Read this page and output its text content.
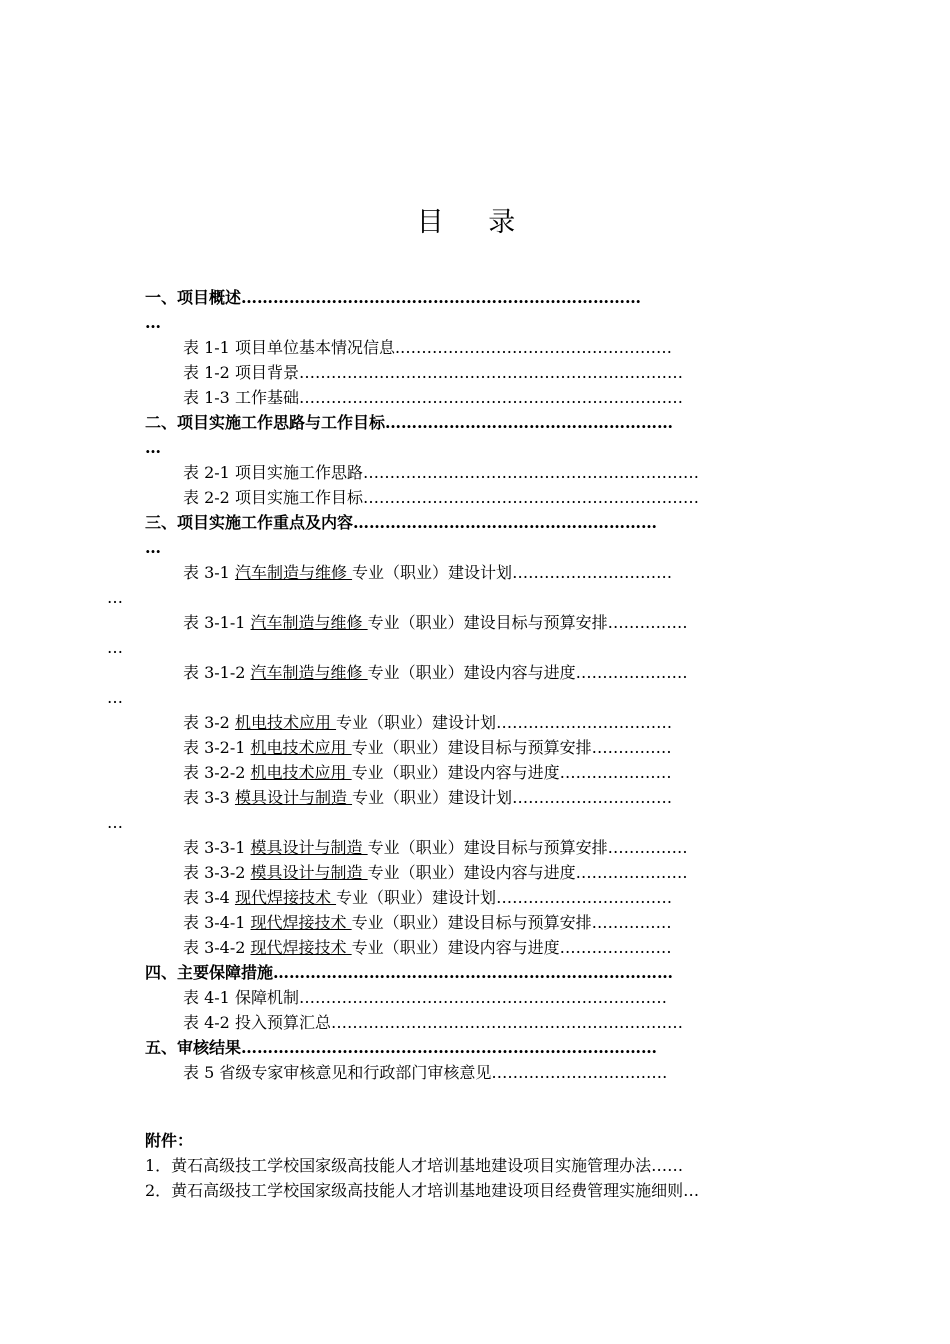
目 录
一、项目概述…………………………………………………………………
…
表 1-1 项目单位基本情况信息.……………………………………………
表 1-2 项目背景………………………………………………………………
表 1-3 工作基础………………………………………………………………
二、项目实施工作思路与工作目标………………………………………………
…
表 2-1 项目实施工作思路………………………………………………………
表 2-2 项目实施工作目标………………………………………………………
三、项目实施工作重点及内容…………………………………………………
…
表 3-1 汽车制造与维修 专业（职业）建设计划…………………………
…
表 3-1-1 汽车制造与维修 专业（职业）建设目标与预算安排……………
…
表 3-1-2 汽车制造与维修 专业（职业）建设内容与进度…………………
…
表 3-2 机电技术应用 专业（职业）建设计划……………………………
表 3-2-1 机电技术应用 专业（职业）建设目标与预算安排……………
表 3-2-2 机电技术应用 专业（职业）建设内容与进度…………………
表 3-3 模具设计与制造 专业（职业）建设计划…………………………
…
表 3-3-1 模具设计与制造 专业（职业）建设目标与预算安排……………
表 3-3-2 模具设计与制造 专业（职业）建设内容与进度…………………
表 3-4 现代焊接技术 专业（职业）建设计划……………………………
表 3-4-1 现代焊接技术 专业（职业）建设目标与预算安排……………
表 3-4-2 现代焊接技术 专业（职业）建设内容与进度…………………
四、主要保障措施…………………………………………………………………
表 4-1 保障机制……………………………………………………………
表 4-2 投入预算汇总…………………………………………………………
五、审核结果……………………………………………………………………
表 5 省级专家审核意见和行政部门审核意见……………………………
附件：
1．黄石高级技工学校国家级高技能人才培训基地建设项目实施管理办法……
2．黄石高级技工学校国家级高技能人才培训基地建设项目经费管理实施细则…
